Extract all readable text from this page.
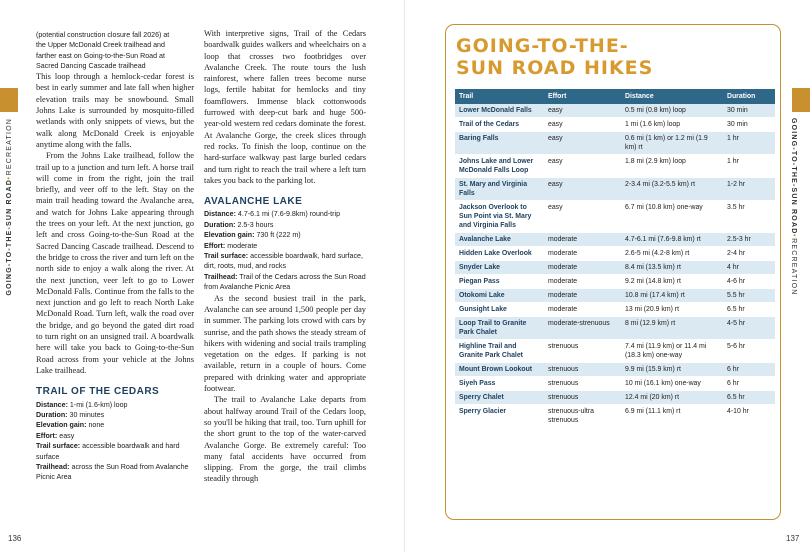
GOING-TO-THE-SUN ROAD•RECREATION
(potential construction closure fall 2026) at
the Upper McDonald Creek trailhead and
farther east on Going-to-the-Sun Road at
Sacred Dancing Cascade trailhead

This loop through a hemlock-cedar forest is best in early summer and late fall when higher elevation trails may be snowbound. Small Johns Lake is surrounded by mosquito-filled wetlands with only snippets of views, but the walk along McDonald Creek is enjoyable anytime along with the falls.

From the Johns Lake trailhead, follow the trail up to a junction and turn left. A horse trail will come in from the right, join the trail briefly, and veer off to the left. Stay on the main trail heading toward the Avalanche area, and watch for Johns Lake appearing through the trees on your left. At the next junction, go left and cross Going-to-the-Sun Road at the Sacred Dancing Cascade trailhead. Descend to the bridge to cross the river and turn left on the north side to enjoy a walk along the river. At the next junction, veer left to go to Lower McDonald Falls. Continue from the falls to the next junction and go left to reach North Lake McDonald Road. Turn left, walk the road over the bridge, and go beyond the gated dirt road to turn right on an unsigned trail. A boardwalk here will take you back to Going-to-the-Sun Road across from your vehicle at the Johns Lake trailhead.

TRAIL OF THE CEDARS
Distance: 1-mi (1.6-km) loop
Duration: 30 minutes
Elevation gain: none
Effort: easy
Trail surface: accessible boardwalk and hard surface
Trailhead: across the Sun Road from Avalanche Picnic Area

With interpretive signs, Trail of the Cedars boardwalk guides walkers and wheelchairs on a loop that crosses two footbridges over Avalanche Creek. The route tours the lush rainforest, where fallen trees become nurse logs, fertile habitat for hemlocks and tiny foamflowers. Immense black cottonwoods furrowed with deep-cut bark and huge 500-year-old western red cedars dominate the forest. At Avalanche Gorge, the creek slices through red rocks. To finish the loop, continue on the hard-surface walkway past large burled cedars and turn right to reach the trail where a left turn takes you back to the parking lot.

AVALANCHE LAKE
Distance: 4.7-6.1 mi (7.6-9.8km) round-trip
Duration: 2.5-3 hours
Elevation gain: 730 ft (222 m)
Effort: moderate
Trail surface: accessible boardwalk, hard surface, dirt, roots, mud, and rocks
Trailhead: Trail of the Cedars across the Sun Road from Avalanche Picnic Area

As the second busiest trail in the park, Avalanche can see around 1,500 people per day in summer. The parking lots crowd with cars by sunrise, and the path shows the steady stream of hikers with widening and social trails trampling vegetation on the edges. If parking is not available, return in a couple of hours. Come prepared with drinking water and appropriate footwear.

The trail to Avalanche Lake departs from about halfway around Trail of the Cedars loop, so you'll be hiking that trail, too. Turn uphill for the short grunt to the top of the water-carved Avalanche Gorge. Be extremely careful: Too many fatal accidents have occurred from slipping. From the gorge, the trail climbs steadily through

136
GOING-TO-THE-SUN ROAD•RECREATION
137
GOING-TO-THE-
SUN ROAD HIKES
Trail	Effort	Distance	Duration
Lower McDonald Falls	easy	0.5 mi (0.8 km) loop	30 min
Trail of the Cedars	easy	1 mi (1.6 km) loop	30 min
Baring Falls	easy	0.6 mi (1 km) or 1.2 mi (1.9 km) rt	1 hr
Johns Lake and Lower McDonald Falls Loop	easy	1.8 mi (2.9 km) loop	1 hr
St. Mary and Virginia Falls	easy	2-3.4 mi (3.2-5.5 km) rt	1-2 hr
Jackson Overlook to Sun Point via St. Mary and Virginia Falls	easy	6.7 mi (10.8 km) one-way	3.5 hr
Avalanche Lake	moderate	4.7-6.1 mi (7.6-9.8 km) rt	2.5-3 hr
Hidden Lake Overlook	moderate	2.6-5 mi (4.2-8 km) rt	2-4 hr
Snyder Lake	moderate	8.4 mi (13.5 km) rt	4 hr
Piegan Pass	moderate	9.2 mi (14.8 km) rt	4-6 hr
Otokomi Lake	moderate	10.8 mi (17.4 km) rt	5.5 hr
Gunsight Lake	moderate	13 mi (20.9 km) rt	6.5 hr
Loop Trail to Granite Park Chalet	moderate-strenuous	8 mi (12.9 km) rt	4-5 hr
Highline Trail and Granite Park Chalet	strenuous	7.4 mi (11.9 km) or 11.4 mi (18.3 km) one-way	5-6 hr
Mount Brown Lookout	strenuous	9.9 mi (15.9 km) rt	6 hr
Siyeh Pass	strenuous	10 mi (16.1 km) one-way	6 hr
Sperry Chalet	strenuous	12.4 mi (20 km) rt	6.5 hr
Sperry Glacier	strenuous-ultra strenuous	6.9 mi (11.1 km) rt	4-10 hr
